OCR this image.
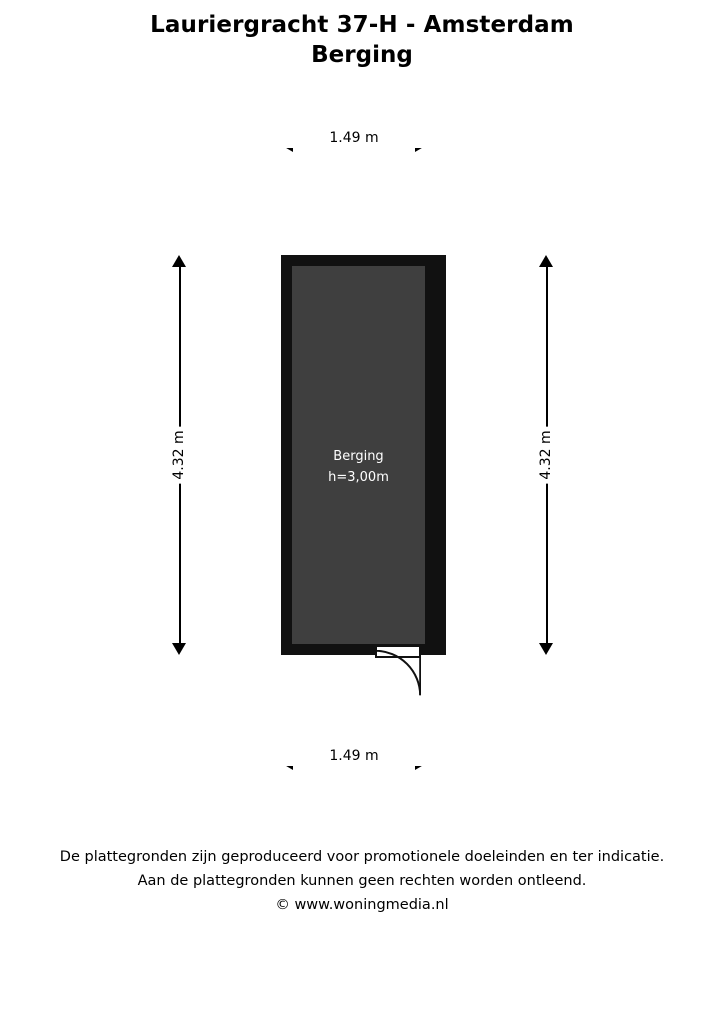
Lauriergracht 37-H - Amsterdam
Berging
Berging
h=3,00m
1.49 m
1.49 m
4.32 m	4.32 m
De plattegronden zijn geproduceerd voor promotionele doeleinden en ter indicatie.
Aan de plattegronden kunnen geen rechten worden ontleend.
© www.woningmedia.nl
